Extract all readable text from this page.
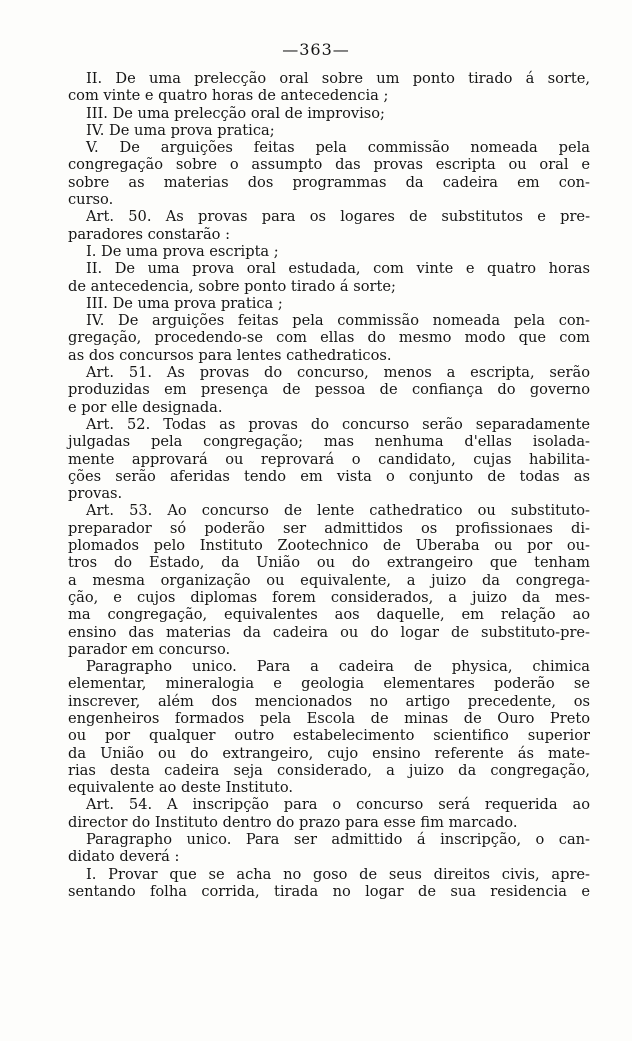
—363—
II. De uma prelecção oral sobre um ponto tirado á sorte,
com vinte e quatro horas de antecedencia ;
III. De uma prelecção oral de improviso;
IV. De uma prova pratica;
V. De arguições feitas pela commissão nomeada pela
congregação sobre o assumpto das provas escripta ou oral e
sobre as materias dos programmas da cadeira em con-
curso.
Art. 50. As provas para os logares de substitutos e pre-
paradores constarão :
I. De uma prova escripta ;
II. De uma prova oral estudada, com vinte e quatro horas
de antecedencia, sobre ponto tirado á sorte;
III. De uma prova pratica ;
IV. De arguições feitas pela commissão nomeada pela con-
gregação, procedendo-se com ellas do mesmo modo que com
as dos concursos para lentes cathedraticos.
Art. 51. As provas do concurso, menos a escripta, serão
produzidas em presença de pessoa de confiança do governo
e por elle designada.
Art. 52. Todas as provas do concurso serão separadamente
julgadas pela congregação; mas nenhuma d'ellas isolada-
mente approvará ou reprovará o candidato, cujas habilita-
ções serão aferidas tendo em vista o conjunto de todas as
provas.
Art. 53. Ao concurso de lente cathedratico ou substituto-
preparador só poderão ser admittidos os profissionaes di-
plomados pelo Instituto Zootechnico de Uberaba ou por ou-
tros do Estado, da União ou do extrangeiro que tenham
a mesma organização ou equivalente, a juizo da congrega-
ção, e cujos diplomas forem considerados, a juizo da mes-
ma congregação, equivalentes aos daquelle, em relação ao
ensino das materias da cadeira ou do logar de substituto-pre-
parador em concurso.
Paragrapho unico. Para a cadeira de physica, chimica
elementar, mineralogia e geologia elementares poderão se
inscrever, além dos mencionados no artigo precedente, os
engenheiros formados pela Escola de minas de Ouro Preto
ou por qualquer outro estabelecimento scientifico superior
da União ou do extrangeiro, cujo ensino referente ás mate-
rias desta cadeira seja considerado, a juizo da congregação,
equivalente ao deste Instituto.
Art. 54. A inscripção para o concurso será requerida ao
director do Instituto dentro do prazo para esse fim marcado.
Paragrapho unico. Para ser admittido á inscripção, o can-
didato deverá :
I. Provar que se acha no goso de seus direitos civis, apre-
sentando folha corrida, tirada no logar de sua residencia e
